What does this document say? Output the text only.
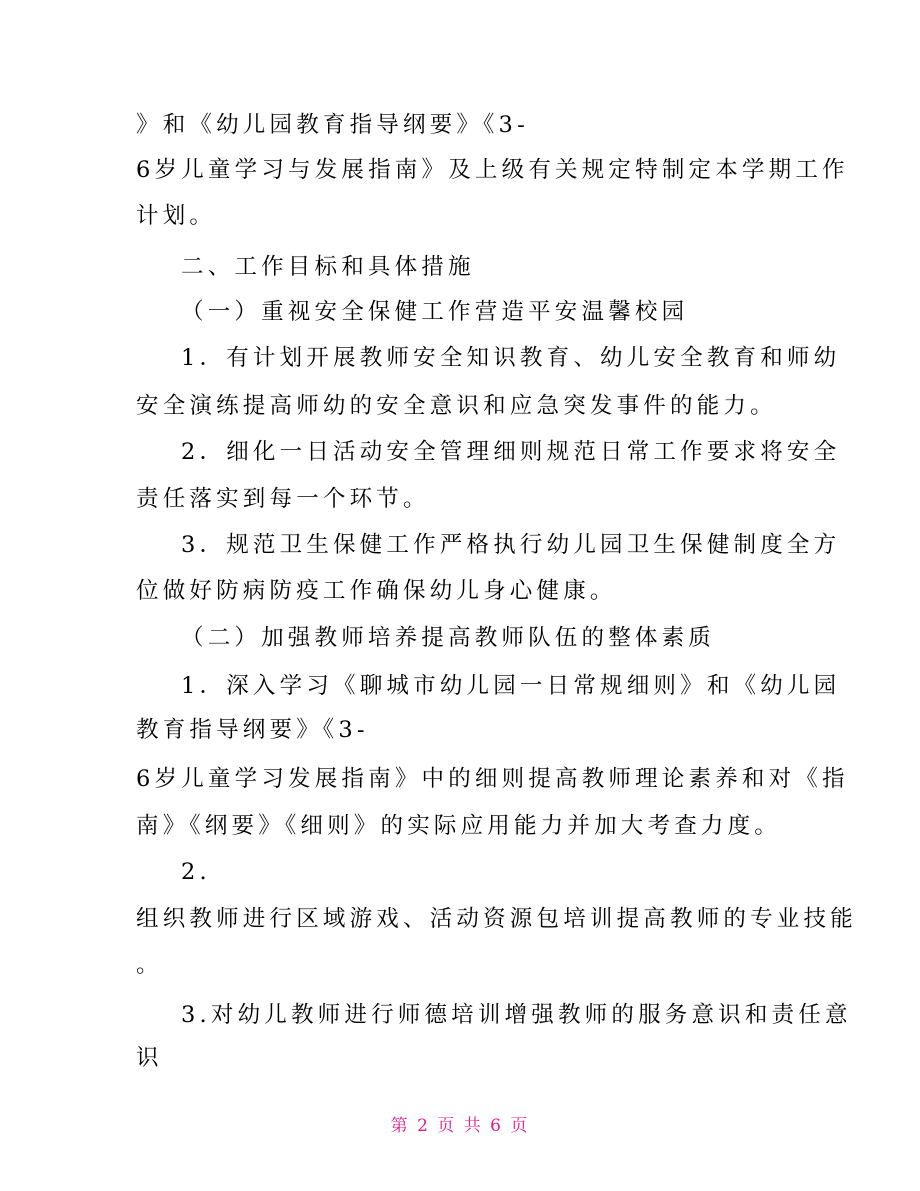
》和《幼儿园教育指导纲要》《3-
6岁儿童学习与发展指南》及上级有关规定特制定本学期工作
计划。
二、工作目标和具体措施
（一）重视安全保健工作营造平安温馨校园
1．有计划开展教师安全知识教育、幼儿安全教育和师幼
安全演练提高师幼的安全意识和应急突发事件的能力。
2．细化一日活动安全管理细则规范日常工作要求将安全
责任落实到每一个环节。
3．规范卫生保健工作严格执行幼儿园卫生保健制度全方
位做好防病防疫工作确保幼儿身心健康。
（二）加强教师培养提高教师队伍的整体素质
1．深入学习《聊城市幼儿园一日常规细则》和《幼儿园
教育指导纲要》《3-
6岁儿童学习发展指南》中的细则提高教师理论素养和对《指
南》《纲要》《细则》的实际应用能力并加大考查力度。
2.
组织教师进行区域游戏、活动资源包培训提高教师的专业技能
。
3.对幼儿教师进行师德培训增强教师的服务意识和责任意
识
第 2 页 共 6 页
